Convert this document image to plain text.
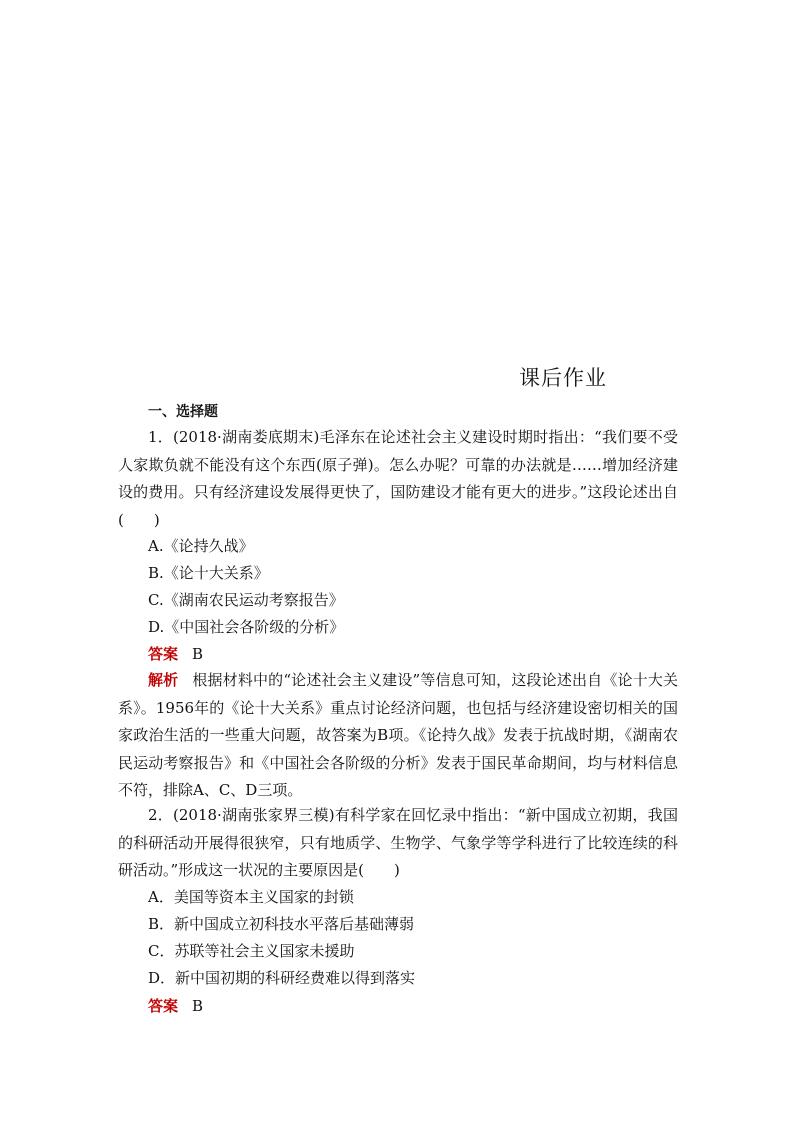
课后作业
一、选择题

1．(2018·湖南娄底期末)毛泽东在论述社会主义建设时期时指出：“我们要不受人家欺负就不能没有这个东西(原子弹)。怎么办呢？可靠的办法就是……增加经济建设的费用。只有经济建设发展得更快了，国防建设才能有更大的进步。”这段论述出自(　　)

A.《论持久战》
B.《论十大关系》
C.《湖南农民运动考察报告》
D.《中国社会各阶级的分析》
答案 B

解析 根据材料中的“论述社会主义建设”等信息可知，这段论述出自《论十大关系》。1956年的《论十大关系》重点讨论经济问题，也包括与经济建设密切相关的国家政治生活的一些重大问题，故答案为B项。《论持久战》发表于抗战时期，《湖南农民运动考察报告》和《中国社会各阶级的分析》发表于国民革命期间，均与材料信息不符，排除A、C、D三项。

2．(2018·湖南张家界三模)有科学家在回忆录中指出：“新中国成立初期，我国的科研活动开展得很狭窄，只有地质学、生物学、气象学等学科进行了比较连续的科研活动。”形成这一状况的主要原因是(　　)

A．美国等资本主义国家的封锁
B．新中国成立初科技水平落后基础薄弱
C．苏联等社会主义国家未援助
D．新中国初期的科研经费难以得到落实
答案 B
